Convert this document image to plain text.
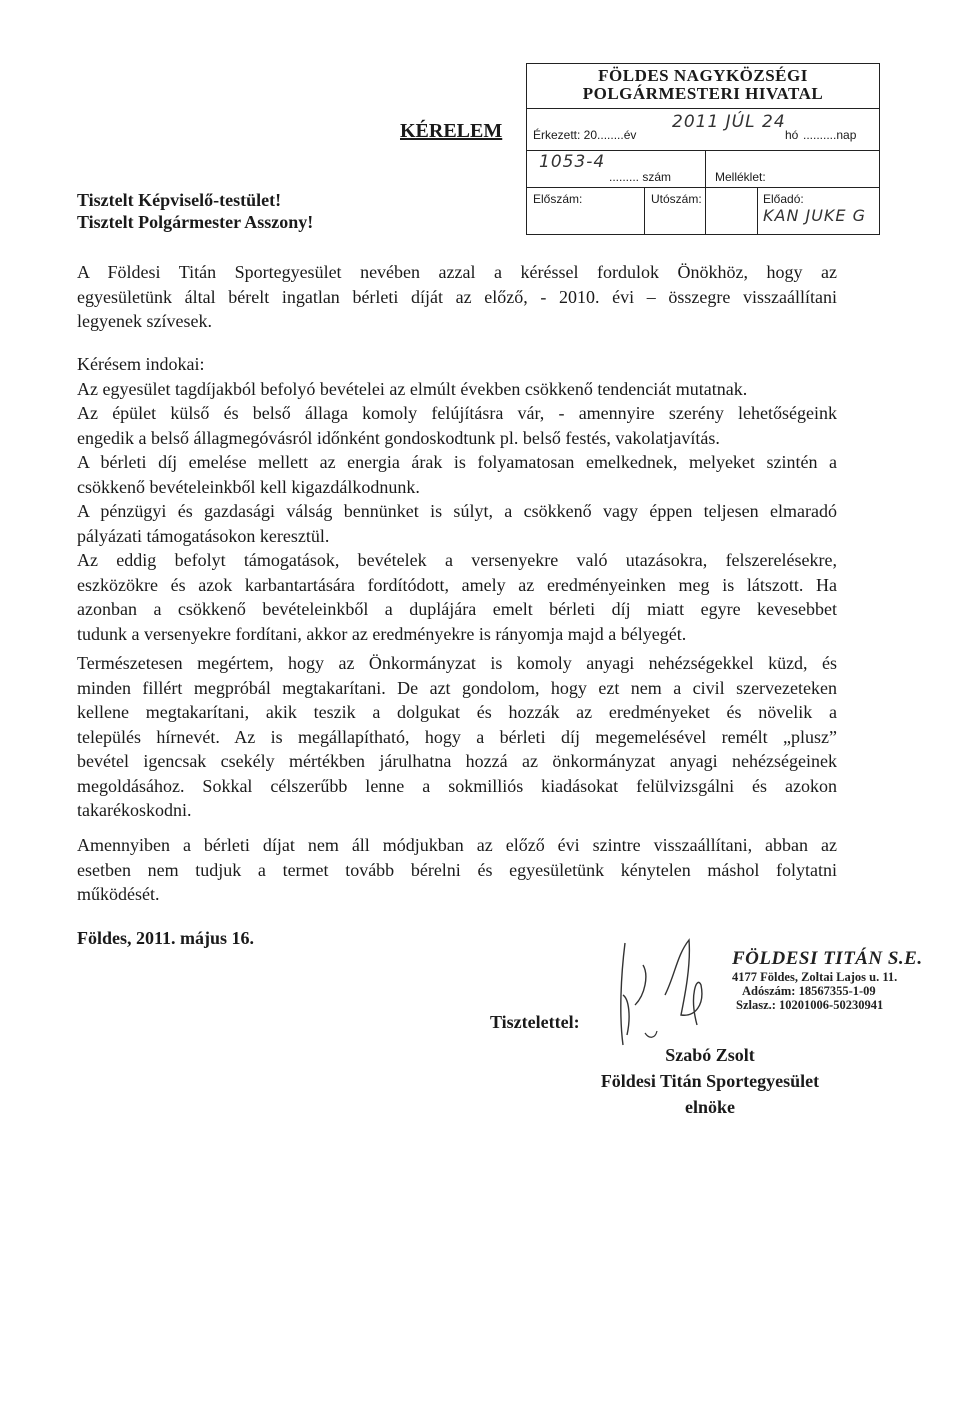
KÉRELEM
FÖLDES NAGYKÖZSÉGI
POLGÁRMESTERI HIVATAL
Érkezett: 20........év
2011 JÚL 24
hó ..........nap
1053-4
......... szám	Melléklet:
Előszám:	Utószám:	Előadó:
KAN JUKE G
Tisztelt Képviselő-testület!
Tisztelt Polgármester Asszony!
A Földesi Titán Sportegyesület nevében azzal a kéréssel fordulok Önökhöz, hogy az
egyesületünk által bérelt ingatlan bérleti díját az előző, - 2010. évi – összegre visszaállítani
legyenek szívesek.
Kérésem indokai:
Az egyesület tagdíjakból befolyó bevételei az elmúlt években csökkenő tendenciát mutatnak.
Az épület külső és belső állaga komoly felújításra vár, - amennyire szerény lehetőségeink
engedik a belső állagmegóvásról időnként gondoskodtunk pl. belső festés, vakolatjavítás.
A bérleti díj emelése mellett az energia árak is folyamatosan emelkednek, melyeket szintén a
csökkenő bevételeinkből kell kigazdálkodnunk.
A pénzügyi és gazdasági válság bennünket is súlyt, a csökkenő vagy éppen teljesen elmaradó
pályázati támogatásokon keresztül.
Az eddig befolyt támogatások, bevételek a versenyekre való utazásokra, felszerelésekre,
eszközökre és azok karbantartására fordítódott, amely az eredményeinken meg is látszott. Ha
azonban a csökkenő bevételeinkből a duplájára emelt bérleti díj miatt egyre kevesebbet
tudunk a versenyekre fordítani, akkor az eredményekre is rányomja majd a bélyegét.
Természetesen megértem, hogy az Önkormányzat is komoly anyagi nehézségekkel küzd, és
minden fillért megpróbál megtakarítani. De azt gondolom, hogy ezt nem a civil szervezeteken
kellene megtakarítani, akik teszik a dolgukat és hozzák az eredményeket és növelik a
település hírnevét. Az is megállapítható, hogy a bérleti díj megemelésével remélt „plusz”
bevétel igencsak csekély mértékben járulhatna hozzá az önkormányzat anyagi nehézségeinek
megoldásához. Sokkal célszerűbb lenne a sokmilliós kiadásokat felülvizsgálni és azokon
takarékoskodni.
Amennyiben a bérleti díjat nem áll módjukban az előző évi szintre visszaállítani, abban az
esetben nem tudjuk a termet tovább bérelni és egyesületünk kénytelen máshol folytatni
működését.
Földes, 2011. május 16.
Tisztelettel:
FÖLDESI TITÁN S.E.
4177 Földes, Zoltai Lajos u. 11.
Adószám: 18567355-1-09
Szlasz.: 10201006-50230941
Szabó Zsolt
Földesi Titán Sportegyesület
elnöke
